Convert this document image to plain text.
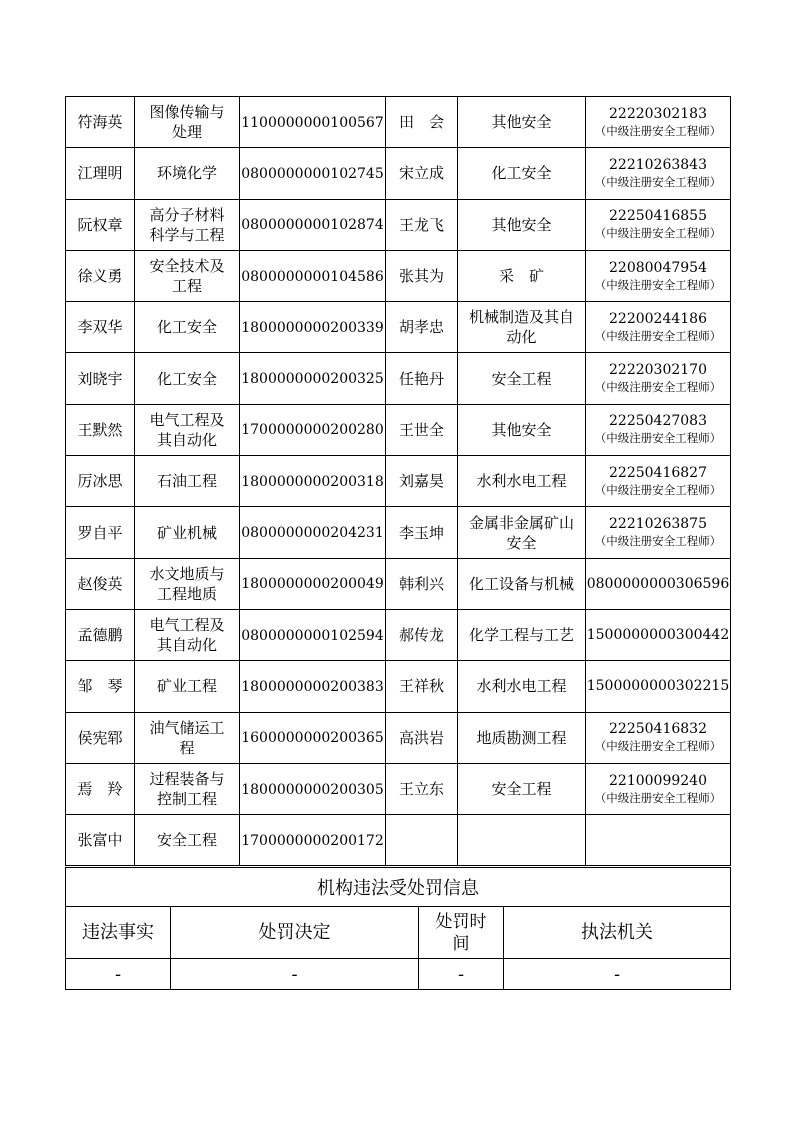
符海英	图像传输与处理	1100000000100567	田　会	其他安全	22220302183
（中级注册安全工程师）

江理明	环境化学	0800000000102745	宋立成	化工安全	22210263843
（中级注册安全工程师）

阮权章	高分子材料科学与工程	0800000000102874	王龙飞	其他安全	22250416855
（中级注册安全工程师）

徐义勇	安全技术及工程	0800000000104586	张其为	采　矿	22080047954
（中级注册安全工程师）

李双华	化工安全	1800000000200339	胡孝忠	机械制造及其自动化	22200244186
（中级注册安全工程师）

刘晓宇	化工安全	1800000000200325	任艳丹	安全工程	22220302170
（中级注册安全工程师）

王默然	电气工程及其自动化	1700000000200280	王世全	其他安全	22250427083
（中级注册安全工程师）

厉冰思	石油工程	1800000000200318	刘嘉昊	水利水电工程	22250416827
（中级注册安全工程师）

罗自平	矿业机械	0800000000204231	李玉坤	金属非金属矿山安全	22210263875
（中级注册安全工程师）

赵俊英	水文地质与工程地质	1800000000200049	韩利兴	化工设备与机械	0800000000306596

孟德鹏	电气工程及其自动化	0800000000102594	郝传龙	化学工程与工艺	1500000000300442

邹　琴	矿业工程	1800000000200383	王祥秋	水利水电工程	1500000000302215

侯宪郓	油气储运工程	1600000000200365	高洪岩	地质勘测工程	22250416832
（中级注册安全工程师）

焉　羚	过程装备与控制工程	1800000000200305	王立东	安全工程	22100099240
（中级注册安全工程师）

张富中	安全工程	1700000000200172			
机构违法受处罚信息			
违法事实	处罚决定	处罚时间	执法机关
-	-	-	-
